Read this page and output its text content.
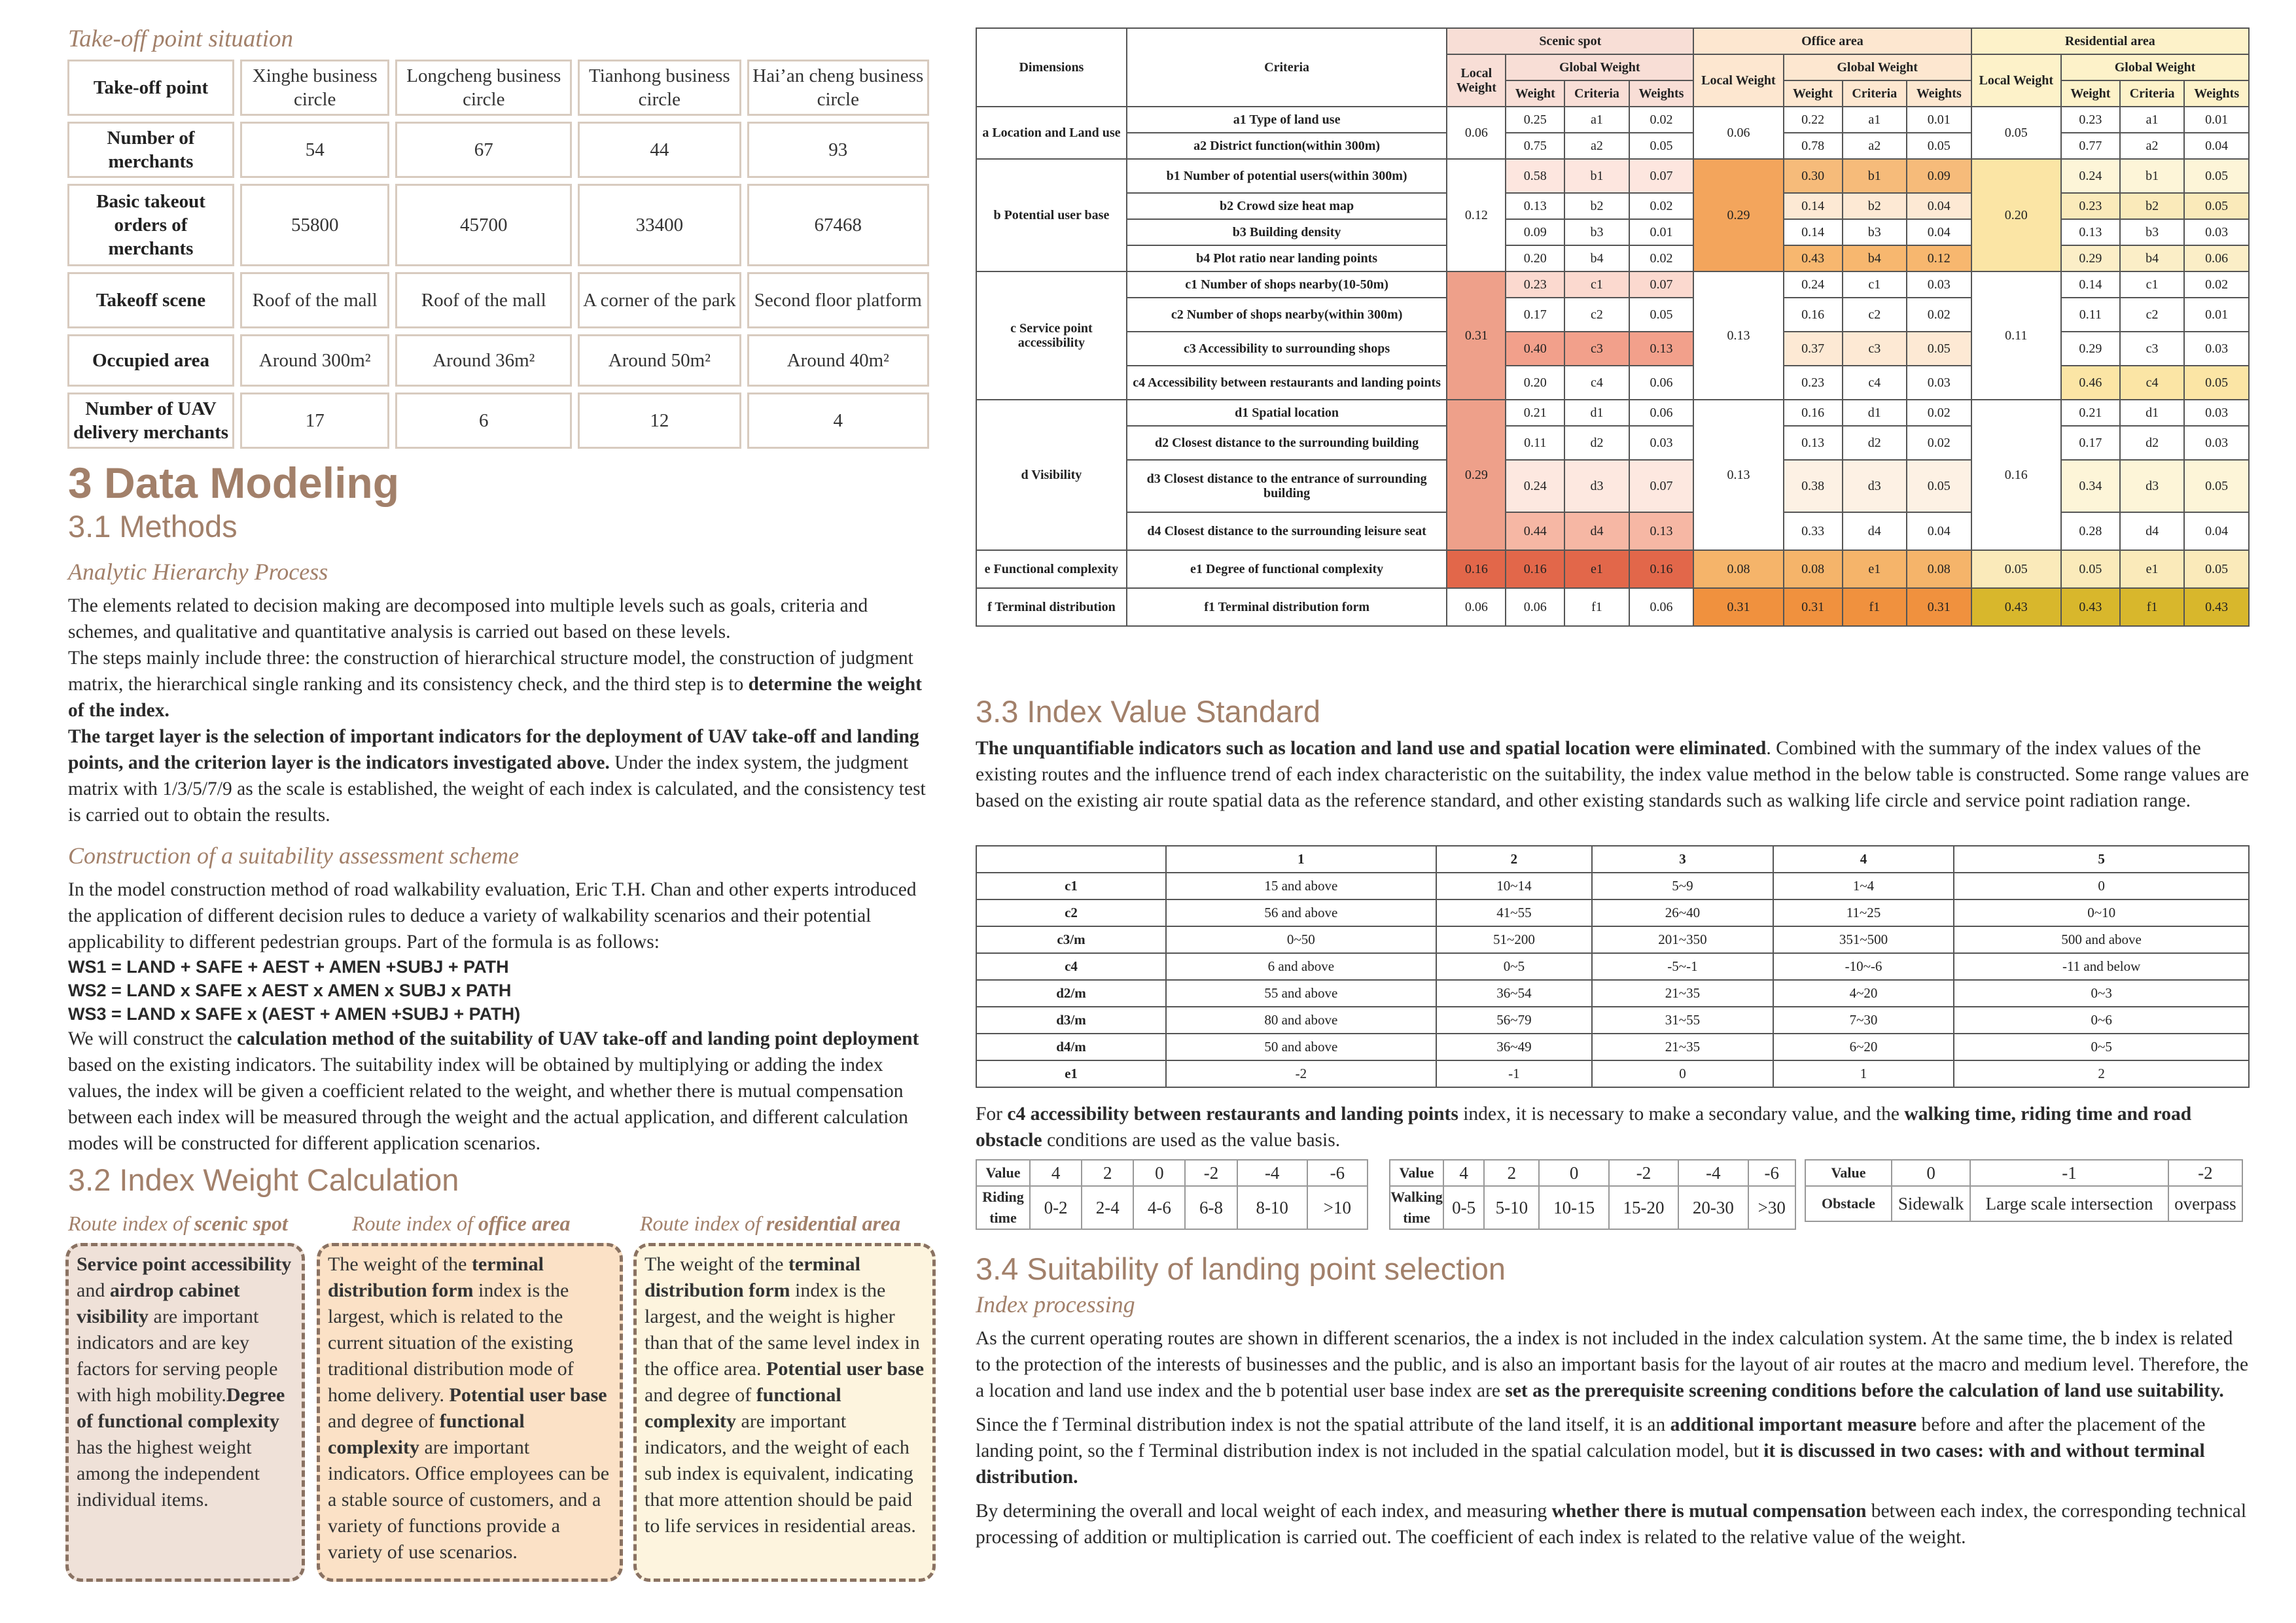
Take-off point situation
Take-off point	Xinghe business circle	Longcheng business circle	Tianhong business circle	Hai’an cheng business circle
Number of merchants	54	67	44	93
Basic takeout orders of merchants	55800	45700	33400	67468
Takeoff scene	Roof of the mall	Roof of the mall	A corner of the park	Second floor platform
Occupied area	Around 300m²	Around 36m²	Around 50m²	Around 40m²
Number of UAV delivery merchants	17	6	12	4
3 Data Modeling
3.1 Methods
Analytic Hierarchy Process
The elements related to decision making are decomposed into multiple levels such as goals, criteria and schemes, and qualitative and quantitative analysis is carried out based on these levels.
The steps mainly include three: the construction of hierarchical structure model, the construction of judgment matrix, the hierarchical single ranking and its consistency check, and the third step is to determine the weight of the index.
The target layer is the selection of important indicators for the deployment of UAV take-off and landing points, and the criterion layer is the indicators investigated above. Under the index system, the judgment matrix with 1/3/5/7/9 as the scale is established, the weight of each index is calculated, and the consistency test is carried out to obtain the results.
Construction of a suitability assessment scheme
In the model construction method of road walkability evaluation, Eric T.H. Chan and other experts introduced the application of different decision rules to deduce a variety of walkability scenarios and their potential applicability to different pedestrian groups. Part of the formula is as follows:
WS1 = LAND + SAFE + AEST + AMEN +SUBJ + PATH
WS2 = LAND x SAFE x AEST x AMEN x SUBJ x PATH
WS3 = LAND x SAFE x (AEST + AMEN +SUBJ + PATH)
We will construct the calculation method of the suitability of UAV take-off and landing point deployment based on the existing indicators. The suitability index will be obtained by multiplying or adding the index values, the index will be given a coefficient related to the weight, and whether there is mutual compensation between each index will be measured through the weight and the actual application, and different calculation modes will be constructed for different application scenarios.
3.2 Index Weight Calculation
Route index of scenic spot	Route index of office area	Route index of residential area
Service point accessibility and airdrop cabinet visibility are important indicators and are key factors for serving people with high mobility.Degree of functional complexity has the highest weight among the independent individual items.
The weight of the terminal distribution form index is the largest, which is related to the current situation of the existing traditional distribution mode of home delivery. Potential user base and degree of functional complexity are important indicators. Office employees can be a stable source of customers, and a variety of functions provide a variety of use scenarios.
The weight of the terminal distribution form index is the largest, and the weight is higher than that of the same level index in the office area. Potential user base and degree of functional complexity are important indicators, and the weight of each sub index is equivalent, indicating that more attention should be paid to life services in residential areas.
Dimensions	Criteria	Scenic spot				Office area				Residential area			
		Local Weight	Global Weight			Local Weight	Global Weight			Local Weight	Global Weight		
			Weight	Criteria	Weights		Weight	Criteria	Weights		Weight	Criteria	Weights
a Location and Land use	a1 Type of land use	0.06	0.25	a1	0.02	0.06	0.22	a1	0.01	0.05	0.23	a1	0.01
	a2 District function(within 300m)		0.75	a2	0.05		0.78	a2	0.05		0.77	a2	0.04
b Potential user base	b1 Number of potential users(within 300m)	0.12	0.58	b1	0.07	0.29	0.30	b1	0.09	0.20	0.24	b1	0.05
	b2 Crowd size heat map		0.13	b2	0.02		0.14	b2	0.04		0.23	b2	0.05
	b3 Building density		0.09	b3	0.01		0.14	b3	0.04		0.13	b3	0.03
	b4 Plot ratio near landing points		0.20	b4	0.02		0.43	b4	0.12		0.29	b4	0.06
c Service point accessibility	c1 Number of shops nearby(10-50m)	0.31	0.23	c1	0.07	0.13	0.24	c1	0.03	0.11	0.14	c1	0.02
	c2 Number of shops nearby(within 300m)		0.17	c2	0.05		0.16	c2	0.02		0.11	c2	0.01
	c3 Accessibility to surrounding shops		0.40	c3	0.13		0.37	c3	0.05		0.29	c3	0.03
	c4 Accessibility between restaurants and landing points		0.20	c4	0.06		0.23	c4	0.03		0.46	c4	0.05
d Visibility	d1 Spatial location	0.29	0.21	d1	0.06	0.13	0.16	d1	0.02	0.16	0.21	d1	0.03
	d2 Closest distance to the surrounding building		0.11	d2	0.03		0.13	d2	0.02		0.17	d2	0.03
	d3 Closest distance to the entrance of surrounding building		0.24	d3	0.07		0.38	d3	0.05		0.34	d3	0.05
	d4 Closest distance to the surrounding leisure seat		0.44	d4	0.13		0.33	d4	0.04		0.28	d4	0.04
e Functional complexity	e1 Degree of functional complexity	0.16	0.16	e1	0.16	0.08	0.08	e1	0.08	0.05	0.05	e1	0.05
f Terminal distribution	f1 Terminal distribution form	0.06	0.06	f1	0.06	0.31	0.31	f1	0.31	0.43	0.43	f1	0.43
3.3 Index Value Standard
The unquantifiable indicators such as location and land use and spatial location were eliminated. Combined with the summary of the index values of the existing routes and the influence trend of each index characteristic on the suitability, the index value method in the below table is constructed. Some range values are based on the existing air route spatial data as the reference standard, and other existing standards such as walking life circle and service point radiation range.
	1	2	3	4	5
c1	15 and above	10~14	5~9	1~4	0
c2	56 and above	41~55	26~40	11~25	0~10
c3/m	0~50	51~200	201~350	351~500	500 and above
c4	6 and above	0~5	-5~-1	-10~-6	-11 and below
d2/m	55 and above	36~54	21~35	4~20	0~3
d3/m	80 and above	56~79	31~55	7~30	0~6
d4/m	50 and above	36~49	21~35	6~20	0~5
e1	-2	-1	0	1	2
For c4 accessibility between restaurants and landing points index, it is necessary to make a secondary value, and the walking time, riding time and road obstacle conditions are used as the value basis.
Value	4	2	0	-2	-4	-6
Riding time	0-2	2-4	4-6	6-8	8-10	>10
Value	4	2	0	-2	-4	-6
Walking time	0-5	5-10	10-15	15-20	20-30	>30
Value	0	-1	-2
Obstacle	Sidewalk	Large scale intersection	overpass
3.4 Suitability of landing point selection
Index processing
As the current operating routes are shown in different scenarios, the a index is not included in the index calculation system. At the same time, the b index is related to the protection of the interests of businesses and the public, and is also an important basis for the layout of air routes at the macro and medium level. Therefore, the a location and land use index and the b potential user base index are set as the prerequisite screening conditions before the calculation of land use suitability.
Since the f Terminal distribution index is not the spatial attribute of the land itself, it is an additional important measure before and after the placement of the landing point, so the f Terminal distribution index is not included in the spatial calculation model, but it is discussed in two cases: with and without terminal distribution.
By determining the overall and local weight of each index, and measuring whether there is mutual compensation between each index, the corresponding technical processing of addition or multiplication is carried out. The coefficient of each index is related to the relative value of the weight.
